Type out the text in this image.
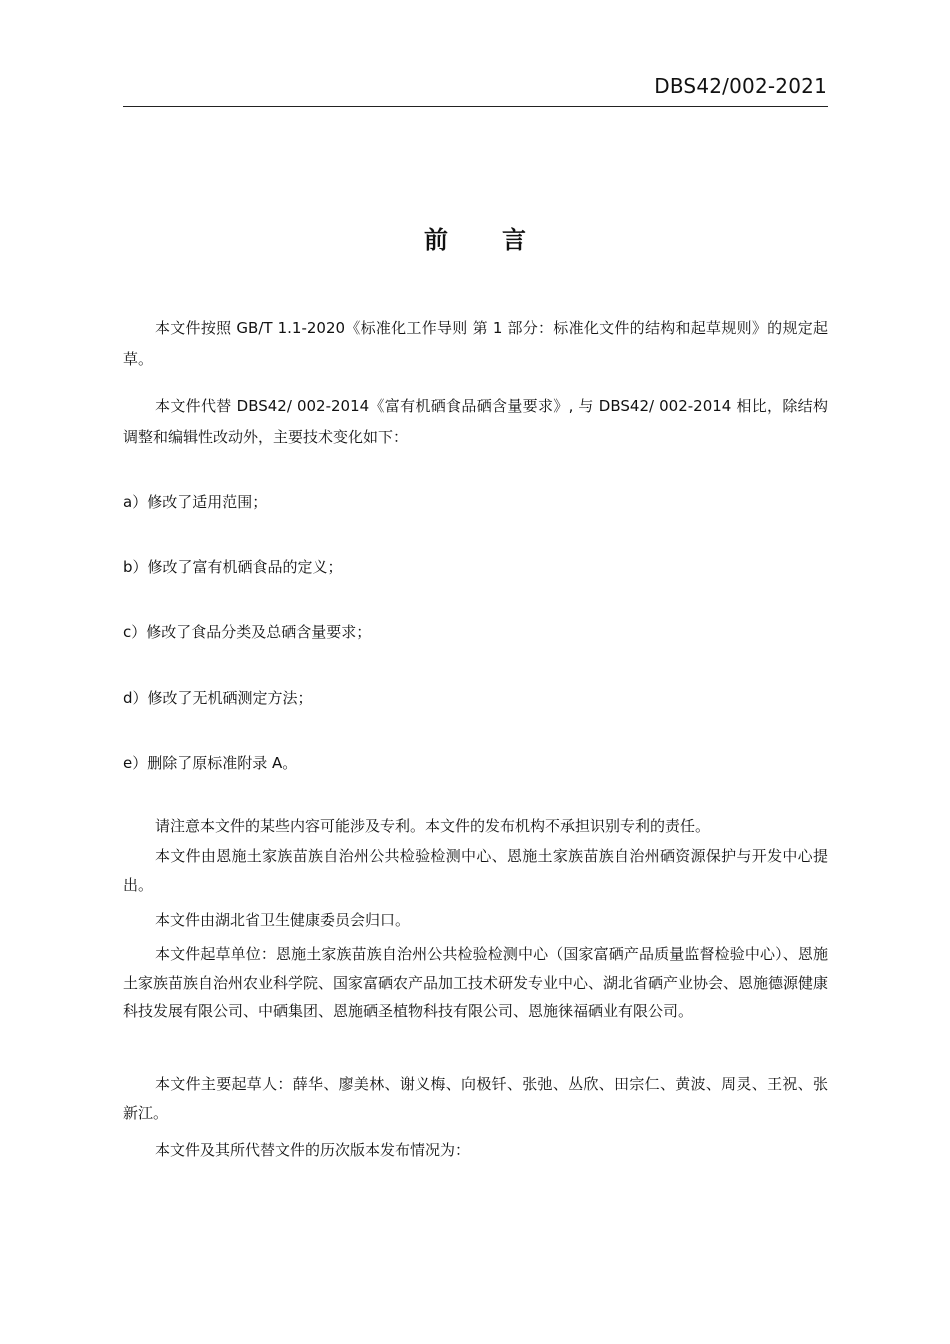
DBS42/002-2021
前言
本文件按照 GB/T 1.1-2020《标准化工作导则 第 1 部分：标准化文件的结构和起草规则》的规定起草。
本文件代替 DBS42/ 002-2014《富有机硒食品硒含量要求》, 与 DBS42/ 002-2014 相比，除结构调整和编辑性改动外，主要技术变化如下：
a）修改了适用范围；
b）修改了富有机硒食品的定义；
c）修改了食品分类及总硒含量要求；
d）修改了无机硒测定方法；
e）删除了原标准附录 A。
请注意本文件的某些内容可能涉及专利。本文件的发布机构不承担识别专利的责任。
本文件由恩施土家族苗族自治州公共检验检测中心、恩施土家族苗族自治州硒资源保护与开发中心提出。
本文件由湖北省卫生健康委员会归口。
本文件起草单位：恩施土家族苗族自治州公共检验检测中心（国家富硒产品质量监督检验中心）、恩施土家族苗族自治州农业科学院、国家富硒农产品加工技术研发专业中心、湖北省硒产业协会、恩施德源健康科技发展有限公司、中硒集团、恩施硒圣植物科技有限公司、恩施徕福硒业有限公司。
本文件主要起草人：薛华、廖美林、谢义梅、向极钎、张弛、丛欣、田宗仁、黄波、周灵、王祝、张新江。
本文件及其所代替文件的历次版本发布情况为：
